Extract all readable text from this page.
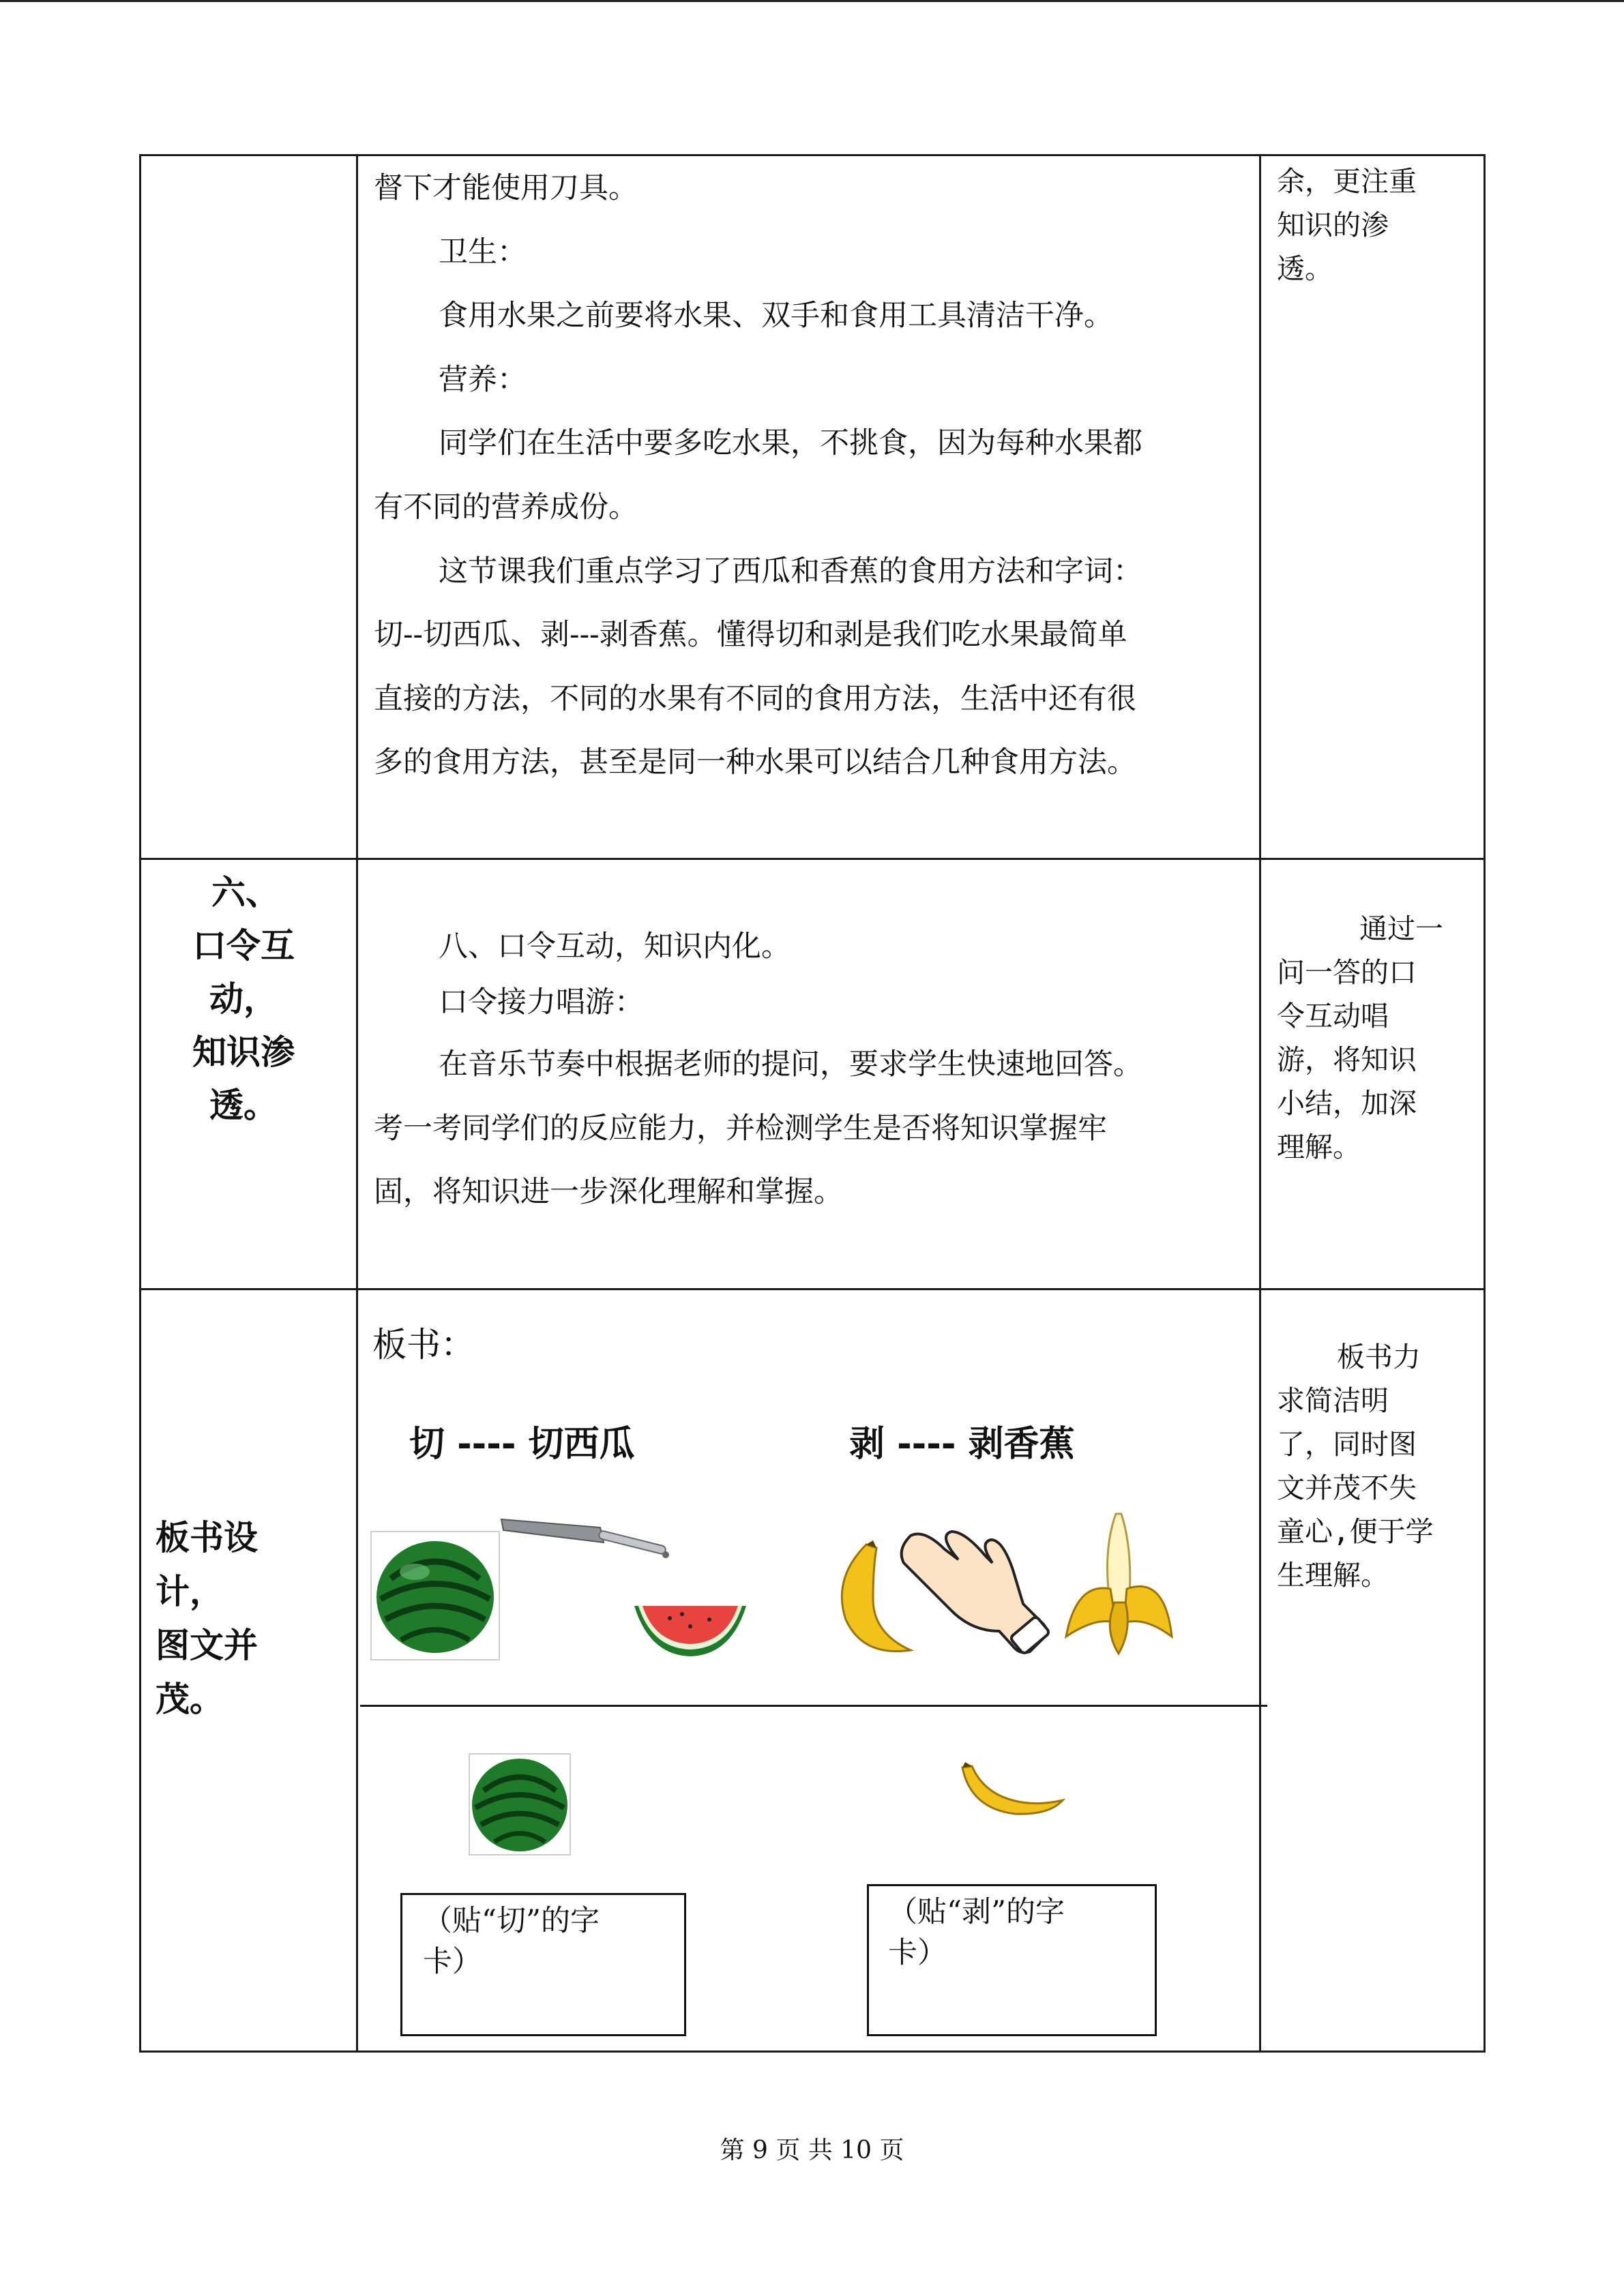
督下才能使用刀具。
卫生：
食用水果之前要将水果、双手和食用工具清洁干净。
营养：
同学们在生活中要多吃水果，不挑食，因为每种水果都
有不同的营养成份。
这节课我们重点学习了西瓜和香蕉的食用方法和字词：
切--切西瓜、剥---剥香蕉。懂得切和剥是我们吃水果最简单
直接的方法，不同的水果有不同的食用方法，生活中还有很
多的食用方法，甚至是同一种水果可以结合几种食用方法。
余，更注重
知识的渗
透。
六、
口令互
动，
知识渗
透。
八、口令互动，知识内化。
口令接力唱游：
在音乐节奏中根据老师的提问，要求学生快速地回答。
考一考同学们的反应能力，并检测学生是否将知识掌握牢
固，将知识进一步深化理解和掌握。
通过一
问一答的口
令互动唱
游，将知识
小结，加深
理解。
板书设
计，
图文并
茂。
板书：
切 ---- 切西瓜	剥 ---- 剥香蕉
（贴“切”的字
卡）
（贴“剥”的字
卡）
板书力
求简洁明
了，同时图
文并茂不失
童心,便于学
生理解。
第 9 页 共 10 页
